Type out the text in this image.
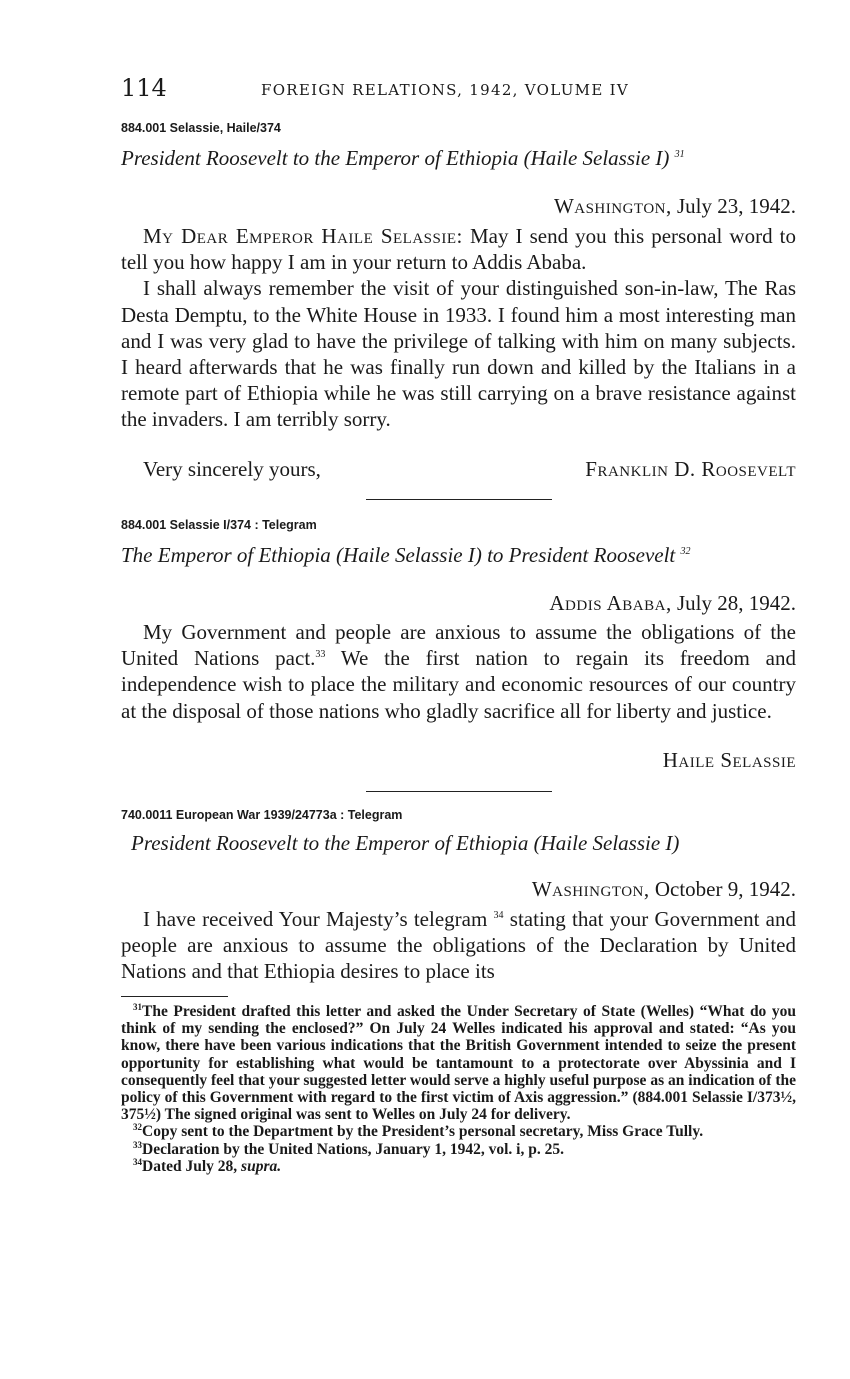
114	FOREIGN RELATIONS, 1942, VOLUME IV
884.001 Selassie, Haile/374
President Roosevelt to the Emperor of Ethiopia (Haile Selassie I) $^{31}$
Washington, July 23, 1942.

My Dear Emperor Haile Selassie: May I send you this personal word to tell you how happy I am in your return to Addis Ababa.

I shall always remember the visit of your distinguished son-in-law, The Ras Desta Demptu, to the White House in 1933. I found him a most interesting man and I was very glad to have the privilege of talking with him on many subjects. I heard afterwards that he was finally run down and killed by the Italians in a remote part of Ethiopia while he was still carrying on a brave resistance against the invaders. I am terribly sorry.

Very sincerely yours,	Franklin D. Roosevelt
884.001 Selassie I/374 : Telegram
The Emperor of Ethiopia (Haile Selassie I) to President Roosevelt $^{32}$
Addis Ababa, July 28, 1942.

My Government and people are anxious to assume the obligations of the United Nations pact.$^{33}$ We the first nation to regain its freedom and independence wish to place the military and economic resources of our country at the disposal of those nations who gladly sacrifice all for liberty and justice.

Haile Selassie
740.0011 European War 1939/24773a : Telegram
President Roosevelt to the Emperor of Ethiopia (Haile Selassie I)
Washington, October 9, 1942.

I have received Your Majesty’s telegram $^{34}$ stating that your Government and people are anxious to assume the obligations of the Declaration by United Nations and that Ethiopia desires to place its

$^{31}$The President drafted this letter and asked the Under Secretary of State (Welles) “What do you think of my sending the enclosed?” On July 24 Welles indicated his approval and stated: “As you know, there have been various indications that the British Government intended to seize the present opportunity for establishing what would be tantamount to a protectorate over Abyssinia and I consequently feel that your suggested letter would serve a highly useful purpose as an indication of the policy of this Government with regard to the first victim of Axis aggression.” (884.001 Selassie I/373½, 375½) The signed original was sent to Welles on July 24 for delivery.

$^{32}$Copy sent to the Department by the President’s personal secretary, Miss Grace Tully.

$^{33}$Declaration by the United Nations, January 1, 1942, vol. i, p. 25.

$^{34}$Dated July 28, supra.
